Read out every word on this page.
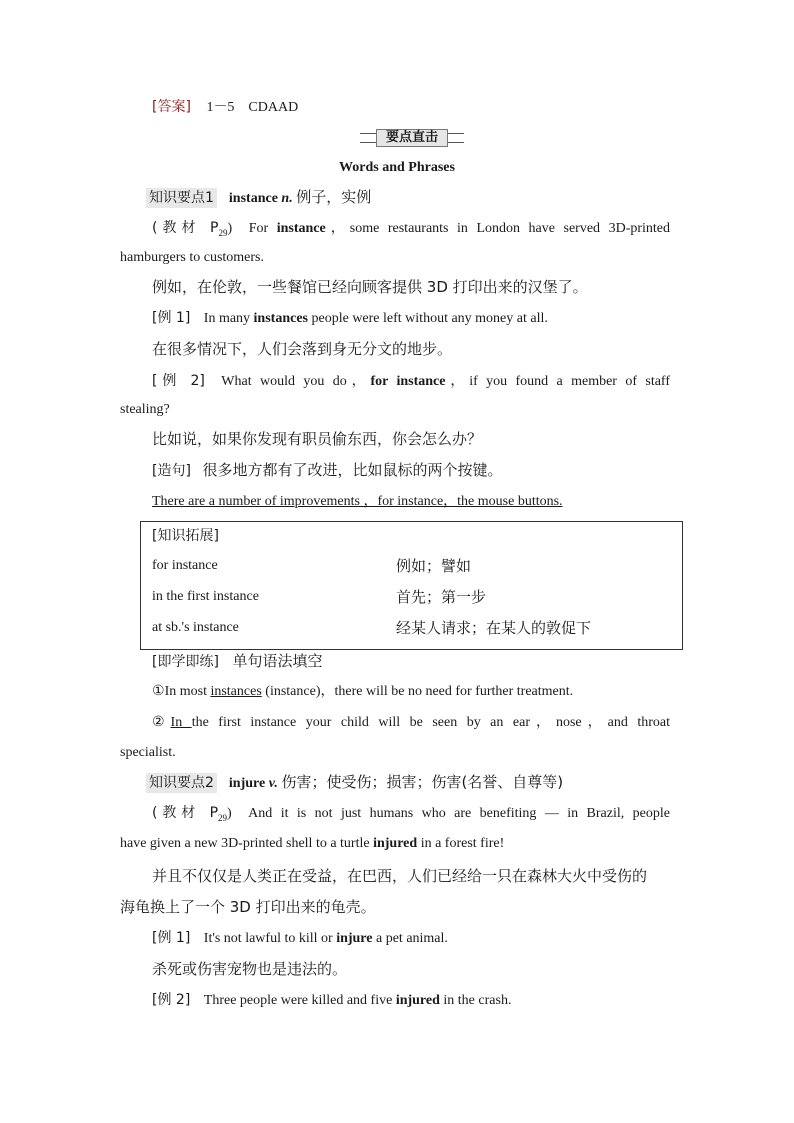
[答案] 1－5　CDAAD
要点直击
Words and Phrases
知识要点1 instance n. 例子，实例
(教材 $P_{29}$) For instance，some restaurants in London have served 3D-printed
hamburgers to customers.
例如，在伦敦，一些餐馆已经向顾客提供 3D 打印出来的汉堡了。
[例 1] In many instances people were left without any money at all.
在很多情况下，人们会落到身无分文的地步。
[例 2] What would you do，for instance，if you found a member of staff
stealing?
比如说，如果你发现有职员偷东西，你会怎么办？
[造句] 很多地方都有了改进，比如鼠标的两个按键。
There are a number of improvements ，for instance，the mouse buttons.
[知识拓展]
for instance	例如；譬如
in the first instance	首先；第一步
at sb.'s instance	经某人请求；在某人的敦促下
[即学即练] 单句语法填空
①In most instances (instance)，there will be no need for further treatment.
②In the first instance your child will be seen by an ear，nose，and throat
specialist.
知识要点2 injure v. 伤害；使受伤；损害；伤害(名誉、自尊等)
(教材 $P_{29}$) And it is not just humans who are benefiting — in Brazil, people
have given a new 3D-printed shell to a turtle injured in a forest fire!
并且不仅仅是人类正在受益，在巴西，人们已经给一只在森林大火中受伤的
海龟换上了一个 3D 打印出来的龟壳。
[例 1] It's not lawful to kill or injure a pet animal.
杀死或伤害宠物也是违法的。
[例 2] Three people were killed and five injured in the crash.
